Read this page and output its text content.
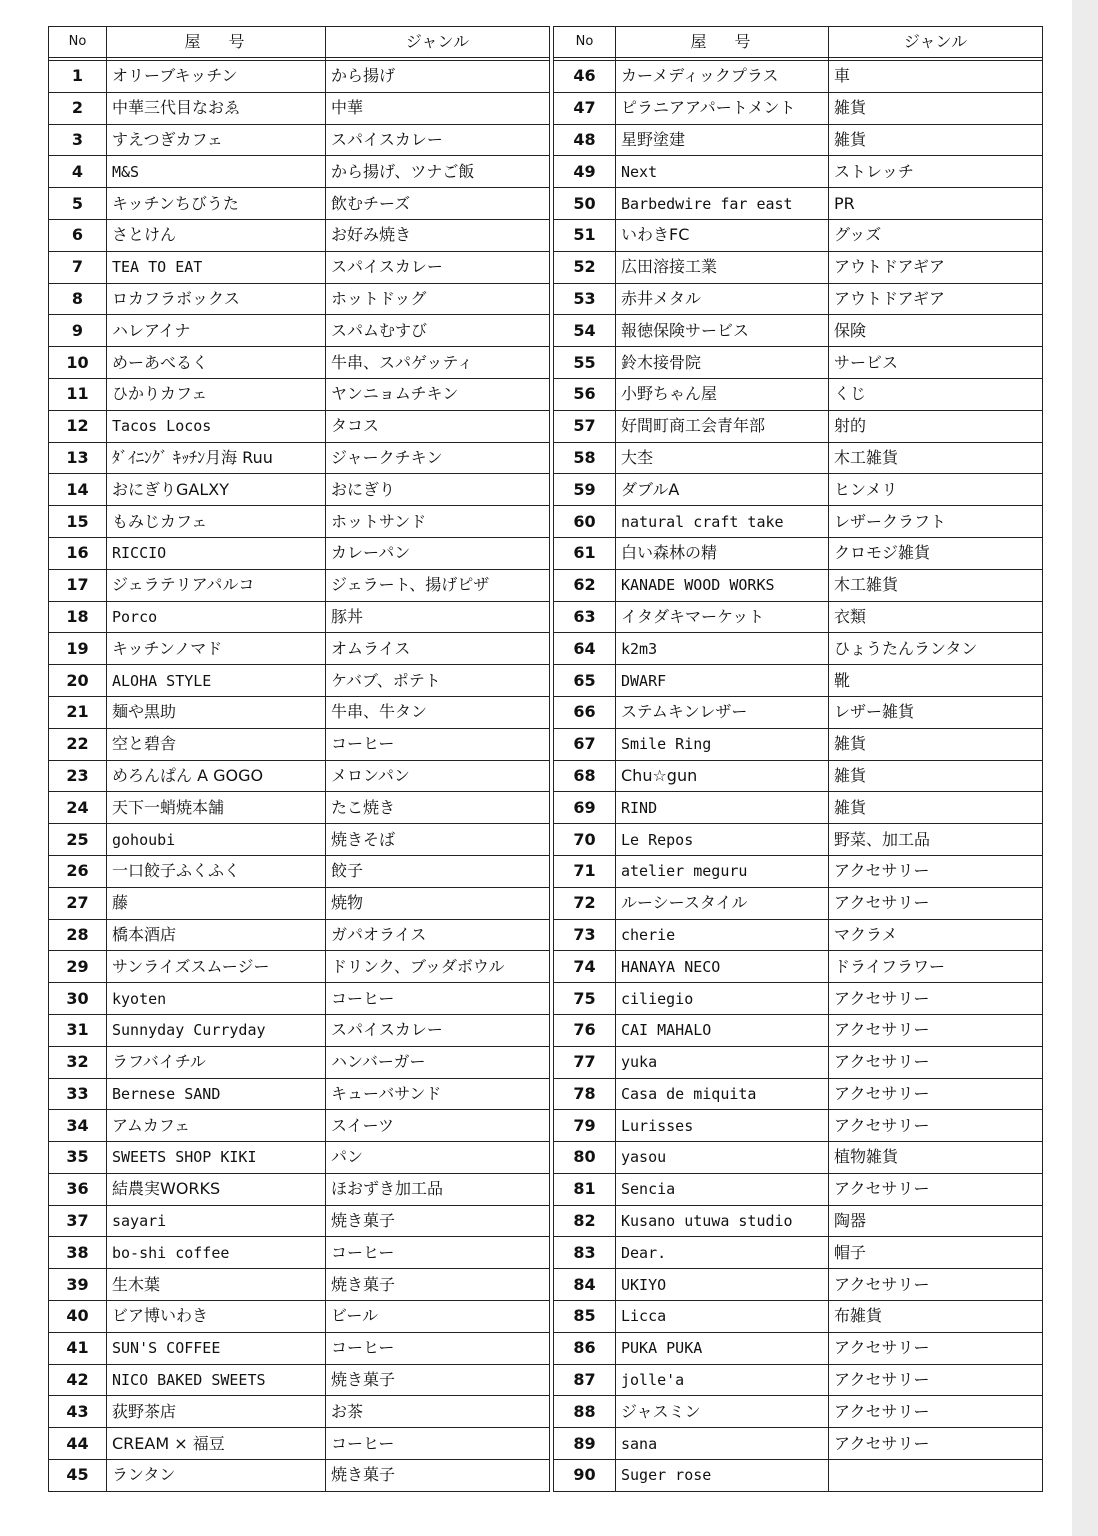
No	屋号	ジャンル

1	オリーブキッチン	から揚げ
2	中華三代目なおゑ	中華
3	すえつぎカフェ	スパイスカレー
4	M&S	から揚げ、ツナご飯
5	キッチンちびうた	飲むチーズ
6	さとけん	お好み焼き
7	TEA TO EAT	スパイスカレー
8	ロカフラボックス	ホットドッグ
9	ハレアイナ	スパムむすび
10	めーあべるく	牛串、スパゲッティ
11	ひかりカフェ	ヤンニョムチキン
12	Tacos Locos	タコス
13	ﾀﾞｲﾆﾝｸﾞ ｷｯﾁﾝ月海 Ruu	ジャークチキン
14	おにぎりGALXY	おにぎり
15	もみじカフェ	ホットサンド
16	RICCIO	カレーパン
17	ジェラテリアパルコ	ジェラート、揚げピザ
18	Porco	豚丼
19	キッチンノマド	オムライス
20	ALOHA STYLE	ケバブ、ポテト
21	麺や黒助	牛串、牛タン
22	空と碧舎	コーヒー
23	めろんぱん A GOGO	メロンパン
24	天下一蛸焼本舗	たこ焼き
25	gohoubi	焼きそば
26	一口餃子ふくふく	餃子
27	藤	焼物
28	橋本酒店	ガパオライス
29	サンライズスムージー	ドリンク、ブッダボウル
30	kyoten	コーヒー
31	Sunnyday Curryday	スパイスカレー
32	ラフバイチル	ハンバーガー
33	Bernese SAND	キューバサンド
34	アムカフェ	スイーツ
35	SWEETS SHOP KIKI	パン
36	結農実WORKS	ほおずき加工品
37	sayari	焼き菓子
38	bo-shi coffee	コーヒー
39	生木葉	焼き菓子
40	ビア博いわき	ビール
41	SUN'S COFFEE	コーヒー
42	NICO BAKED SWEETS	焼き菓子
43	荻野茶店	お茶
44	CREAM × 福豆	コーヒー
45	ランタン	焼き菓子
No	屋号	ジャンル

46	カーメディックプラス	車
47	ピラニアアパートメント	雑貨
48	星野塗建	雑貨
49	Next	ストレッチ
50	Barbedwire far east	PR
51	いわきFC	グッズ
52	広田溶接工業	アウトドアギア
53	赤井メタル	アウトドアギア
54	報徳保険サービス	保険
55	鈴木接骨院	サービス
56	小野ちゃん屋	くじ
57	好間町商工会青年部	射的
58	大杢	木工雑貨
59	ダブルA	ヒンメリ
60	natural craft take	レザークラフト
61	白い森林の精	クロモジ雑貨
62	KANADE WOOD WORKS	木工雑貨
63	イタダキマーケット	衣類
64	k2m3	ひょうたんランタン
65	DWARF	靴
66	ステムキンレザー	レザー雑貨
67	Smile Ring	雑貨
68	Chu☆gun	雑貨
69	RIND	雑貨
70	Le Repos	野菜、加工品
71	atelier meguru	アクセサリー
72	ルーシースタイル	アクセサリー
73	cherie	マクラメ
74	HANAYA NECO	ドライフラワー
75	ciliegio	アクセサリー
76	CAI MAHALO	アクセサリー
77	yuka	アクセサリー
78	Casa de miquita	アクセサリー
79	Lurisses	アクセサリー
80	yasou	植物雑貨
81	Sencia	アクセサリー
82	Kusano utuwa studio	陶器
83	Dear.	帽子
84	UKIYO	アクセサリー
85	Licca	布雑貨
86	PUKA PUKA	アクセサリー
87	jolle'a	アクセサリー
88	ジャスミン	アクセサリー
89	sana	アクセサリー
90	Suger rose	
